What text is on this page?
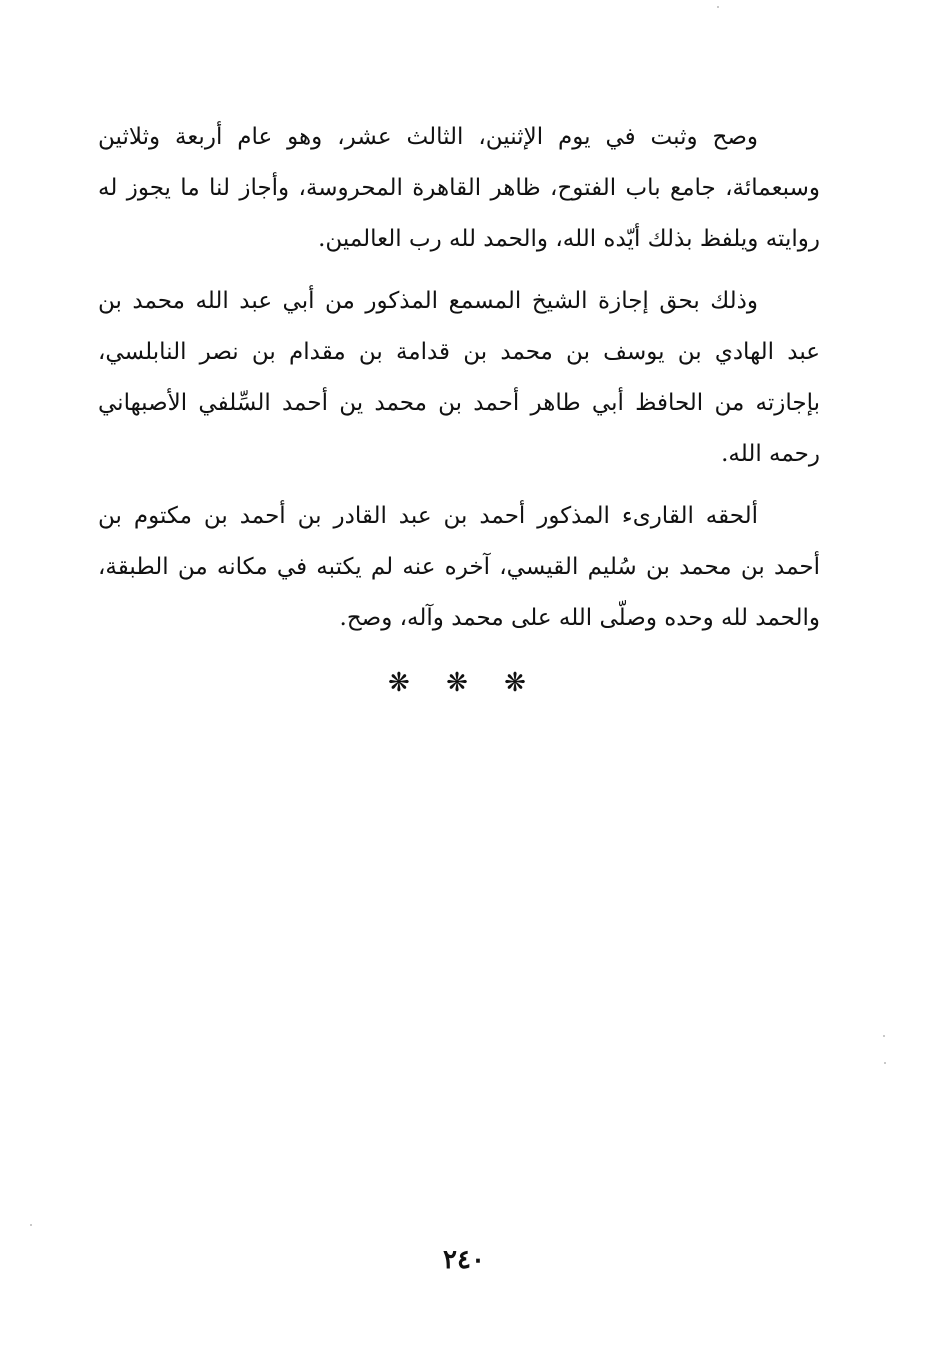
وصح وثبت في يوم الإثنين، الثالث عشر، وهو عام أربعة وثلاثين وسبعمائة، جامع باب الفتوح، ظاهر القاهرة المحروسة، وأجاز لنا ما يجوز له روايته ويلفظ بذلك أيّده الله، والحمد لله رب العالمين.

وذلك بحق إجازة الشيخ المسمع المذكور من أبي عبد الله محمد بن عبد الهادي بن يوسف بن محمد بن قدامة بن مقدام بن نصر النابلسي، بإجازته من الحافظ أبي طاهر أحمد بن محمد ين أحمد السِّلفي الأصبهاني رحمه الله.

ألحقه القارىء المذكور أحمد بن عبد القادر بن أحمد بن مكتوم بن أحمد بن محمد بن سُليم القيسي، آخره عنه لم يكتبه في مكانه من الطبقة، والحمد لله وحده وصلّى الله على محمد وآله، وصح.

❋ ❋ ❋
٢٤٠
